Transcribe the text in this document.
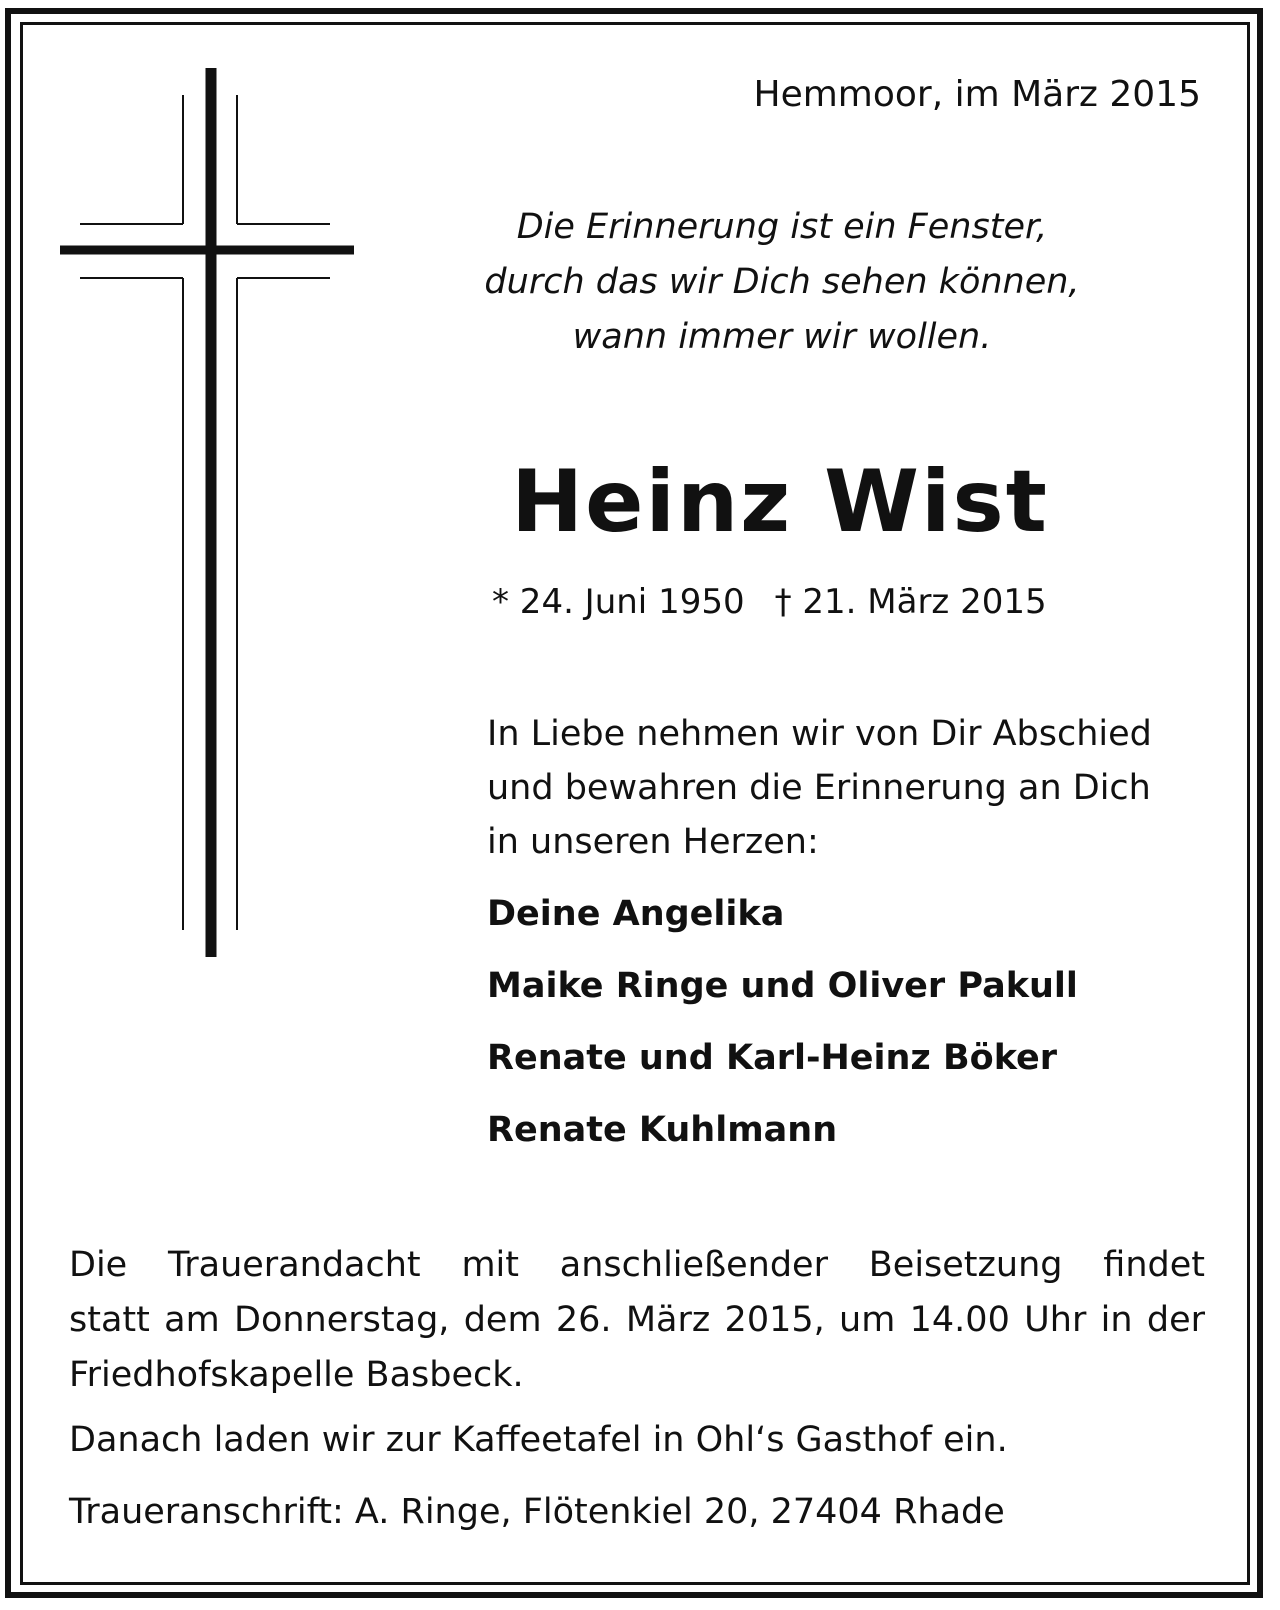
Hemmoor, im März 2015

Die Erinnerung ist ein Fenster,
durch das wir Dich sehen können,
wann immer wir wollen.
Heinz Wist

* 24. Juni 1950 † 21. März 2015

In Liebe nehmen wir von Dir Abschied
und bewahren die Erinnerung an Dich
in unseren Herzen:
Deine Angelika
Maike Ringe und Oliver Pakull
Renate und Karl-Heinz Böker
Renate Kuhlmann
Die Trauerandacht mit anschließender Beisetzung findet
statt am Donnerstag, dem 26. März 2015, um 14.00 Uhr in der
Friedhofskapelle Basbeck.

Danach laden wir zur Kaffeetafel in Ohl‘s Gasthof ein.

Traueranschrift: A. Ringe, Flötenkiel 20, 27404 Rhade
